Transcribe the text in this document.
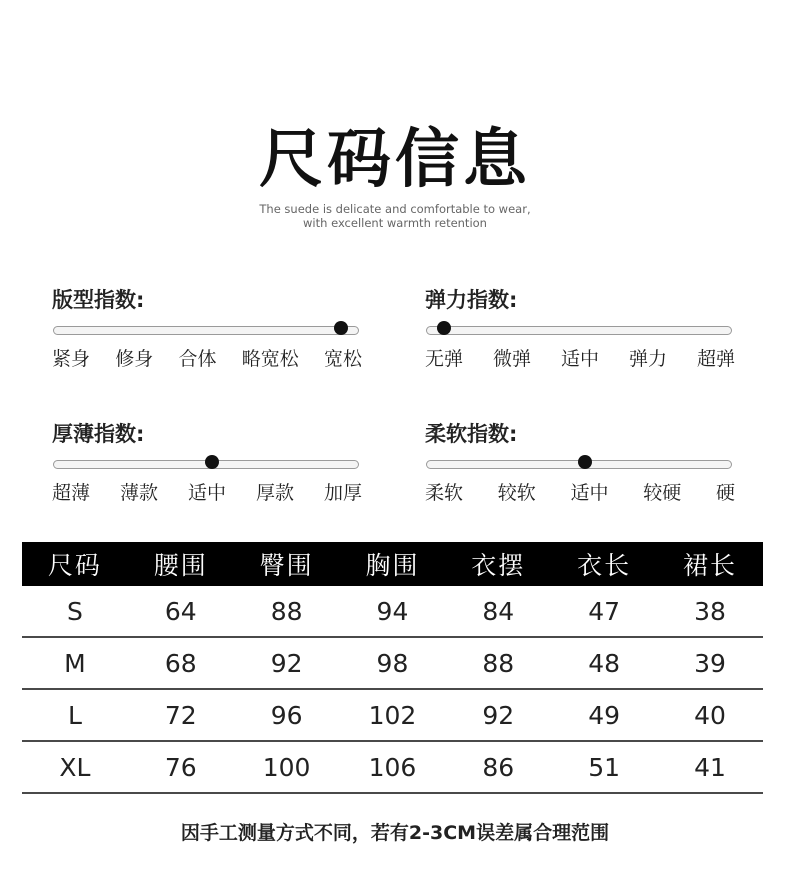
尺码信息
The suede is delicate and comfortable to wear,
with excellent warmth retention
版型指数:
紧身 修身 合体 略宽松 宽松
弹力指数:
无弹 微弹 适中 弹力 超弹
厚薄指数:
超薄 薄款 适中 厚款 加厚
柔软指数:
柔软 较软 适中 较硬 硬
尺码	腰围	臀围	胸围	衣摆	衣长	裙长
S	64	88	94	84	47	38
M	68	92	98	88	48	39
L	72	96	102	92	49	40
XL	76	100	106	86	51	41
因手工测量方式不同，若有2-3CM误差属合理范围
